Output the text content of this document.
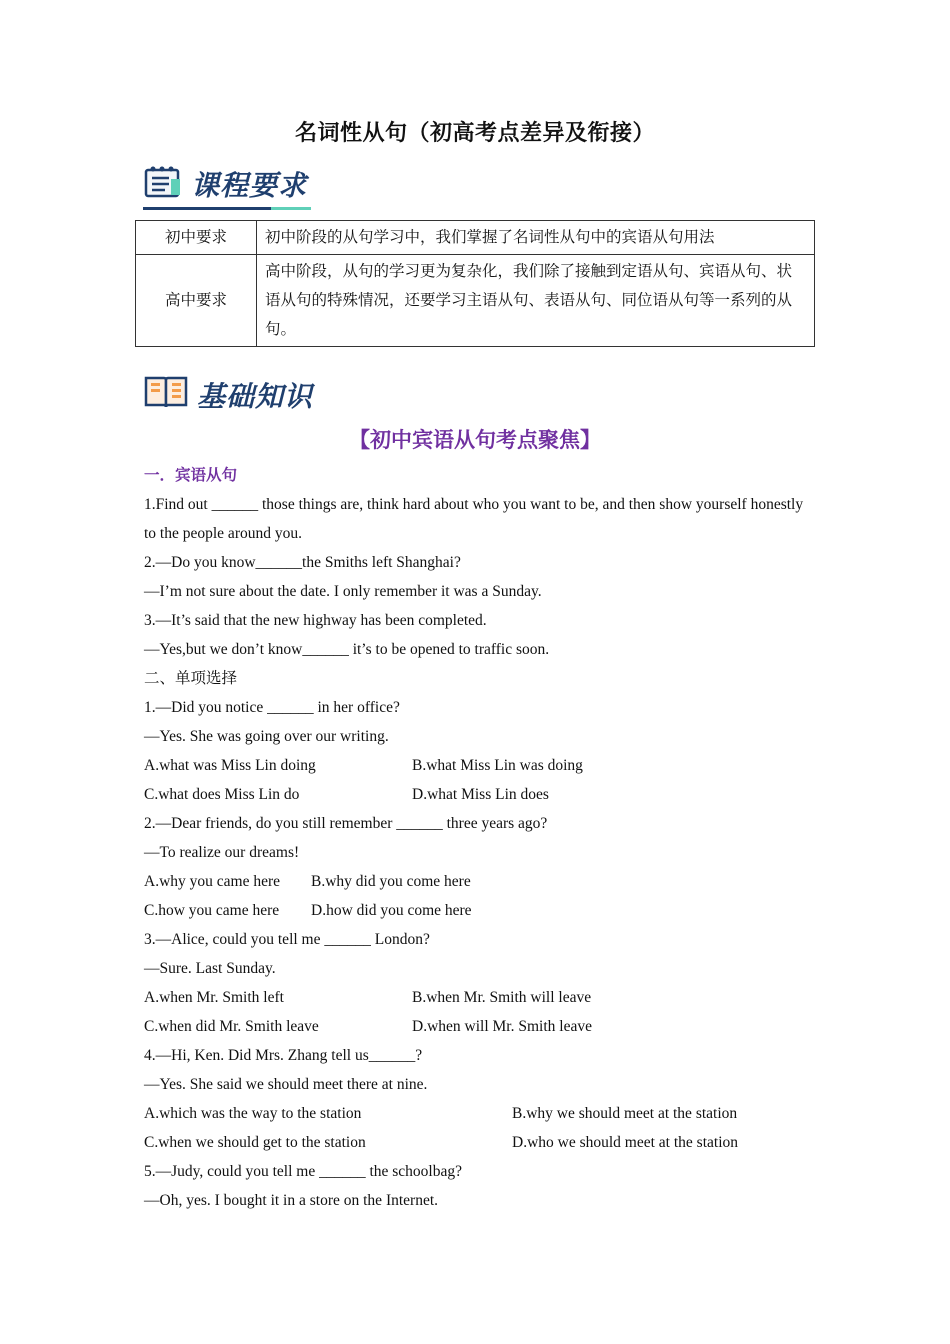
名词性从句（初高考点差异及衔接）
课程要求
初中要求	初中阶段的从句学习中，我们掌握了名词性从句中的宾语从句用法
高中要求	高中阶段，从句的学习更为复杂化，我们除了接触到定语从句、宾语从句、状语从句的特殊情况，还要学习主语从句、表语从句、同位语从句等一系列的从句。
基础知识
【初中宾语从句考点聚焦】
一．宾语从句
1.Find out ______ those things are, think hard about who you want to be, and then show yourself honestly to the people around you.
2.—Do you know______the Smiths left Shanghai?
—I’m not sure about the date. I only remember it was a Sunday.
3.—It’s said that the new highway has been completed.
—Yes,but we don’t know______ it’s to be opened to traffic soon.
二、单项选择
1.—Did you notice ______ in her office?
—Yes. She was going over our writing.
A.what was Miss Lin doing	B.what Miss Lin was doing
C.what does Miss Lin do	D.what Miss Lin does
2.—Dear friends, do you still remember ______ three years ago?
—To realize our dreams!
A.why you came here	B.why did you come here
C.how you came here	D.how did you come here
3.—Alice, could you tell me ______ London?
—Sure. Last Sunday.
A.when Mr. Smith left	B.when Mr. Smith will leave
C.when did Mr. Smith leave	D.when will Mr. Smith leave
4.—Hi, Ken. Did Mrs. Zhang tell us______?
—Yes. She said we should meet there at nine.
A.which was the way to the station	B.why we should meet at the station
C.when we should get to the station	D.who we should meet at the station
5.—Judy, could you tell me ______ the schoolbag?
—Oh, yes. I bought it in a store on the Internet.
